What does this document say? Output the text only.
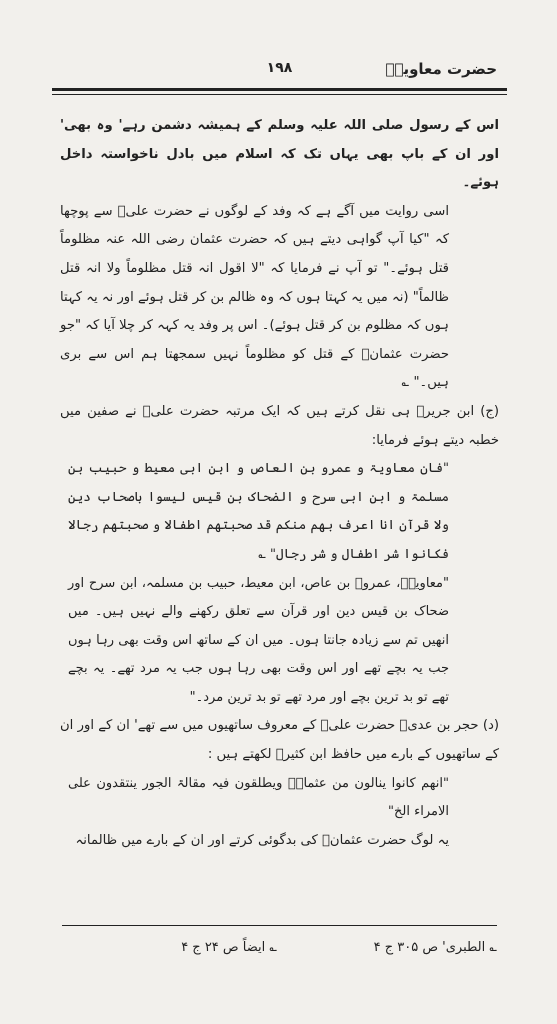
حضرت معاویہؓ
۱۹۸

اس کے رسول صلی اللہ علیہ وسلم کے ہمیشہ دشمن رہے' وہ بھی' اور ان کے باپ بھی یہاں تک کہ اسلام میں بادل ناخواستہ داخل ہوئے۔

اسی روایت میں آگے ہے کہ وفد کے لوگوں نے حضرت علیؓ سے پوچھا کہ "کیا آپ گواہی دیتے ہیں کہ حضرت عثمان رضی اللہ عنہ مظلوماً قتل ہوئے۔" تو آپ نے فرمایا کہ "لا اقول انہ قتل مظلوماً ولا انہ قتل ظالماً" (نہ میں یہ کہتا ہوں کہ وہ ظالم بن کر قتل ہوئے اور نہ یہ کہتا ہوں کہ مظلوم بن کر قتل ہوئے)۔ اس پر وفد یہ کہہ کر چلا آیا کہ "جو حضرت عثمانؓ کے قتل کو مظلوماً نہیں سمجھتا ہم اس سے بری ہیں۔" ؎

(ج) ابن جریرؒ ہی نقل کرتے ہیں کہ ایک مرتبہ حضرت علیؓ نے صفین میں خطبہ دیتے ہوئے فرمایا:

"فان معاویۃ و عمرو بن العاص و ابن ابی معیط و حبیب بن مسلمۃ و ابن ابی سرح و الضحاک بن قیس لیسوا باصحاب دین ولا قرآن انا اعرف بھم منکم قد صحبتھم اطفالا و صحبتھم رجالا فکانوا شر اطفال و شر رجال" ؎

"معاویہؓ، عمروؓ بن عاص، ابن معیط، حبیب بن مسلمہ، ابن سرح اور ضحاک بن قیس دین اور قرآن سے تعلق رکھنے والے نہیں ہیں۔ میں انھیں تم سے زیادہ جانتا ہوں۔ میں ان کے ساتھ اس وقت بھی رہا ہوں جب یہ بچے تھے اور اس وقت بھی رہا ہوں جب یہ مرد تھے۔ یہ بچے تھے تو بد ترین بچے اور مرد تھے تو بد ترین مرد۔"

(د) حجر بن عدیؓ حضرت علیؓ کے معروف ساتھیوں میں سے تھے' ان کے اور ان کے ساتھیوں کے بارے میں حافظ ابن کثیرؒ لکھتے ہیں :

"انھم کانوا ینالون من عثمانؓ ویطلقون فیہ مقالۃ الجور ینتقدون علی الامراء الخ"

یہ لوگ حضرت عثمانؓ کی بدگوئی کرتے اور ان کے بارے میں ظالمانہ

؎ الطبری' ص ۳۰۵ ج ۴
؎ ایضاً ص ۲۴ ج ۴
